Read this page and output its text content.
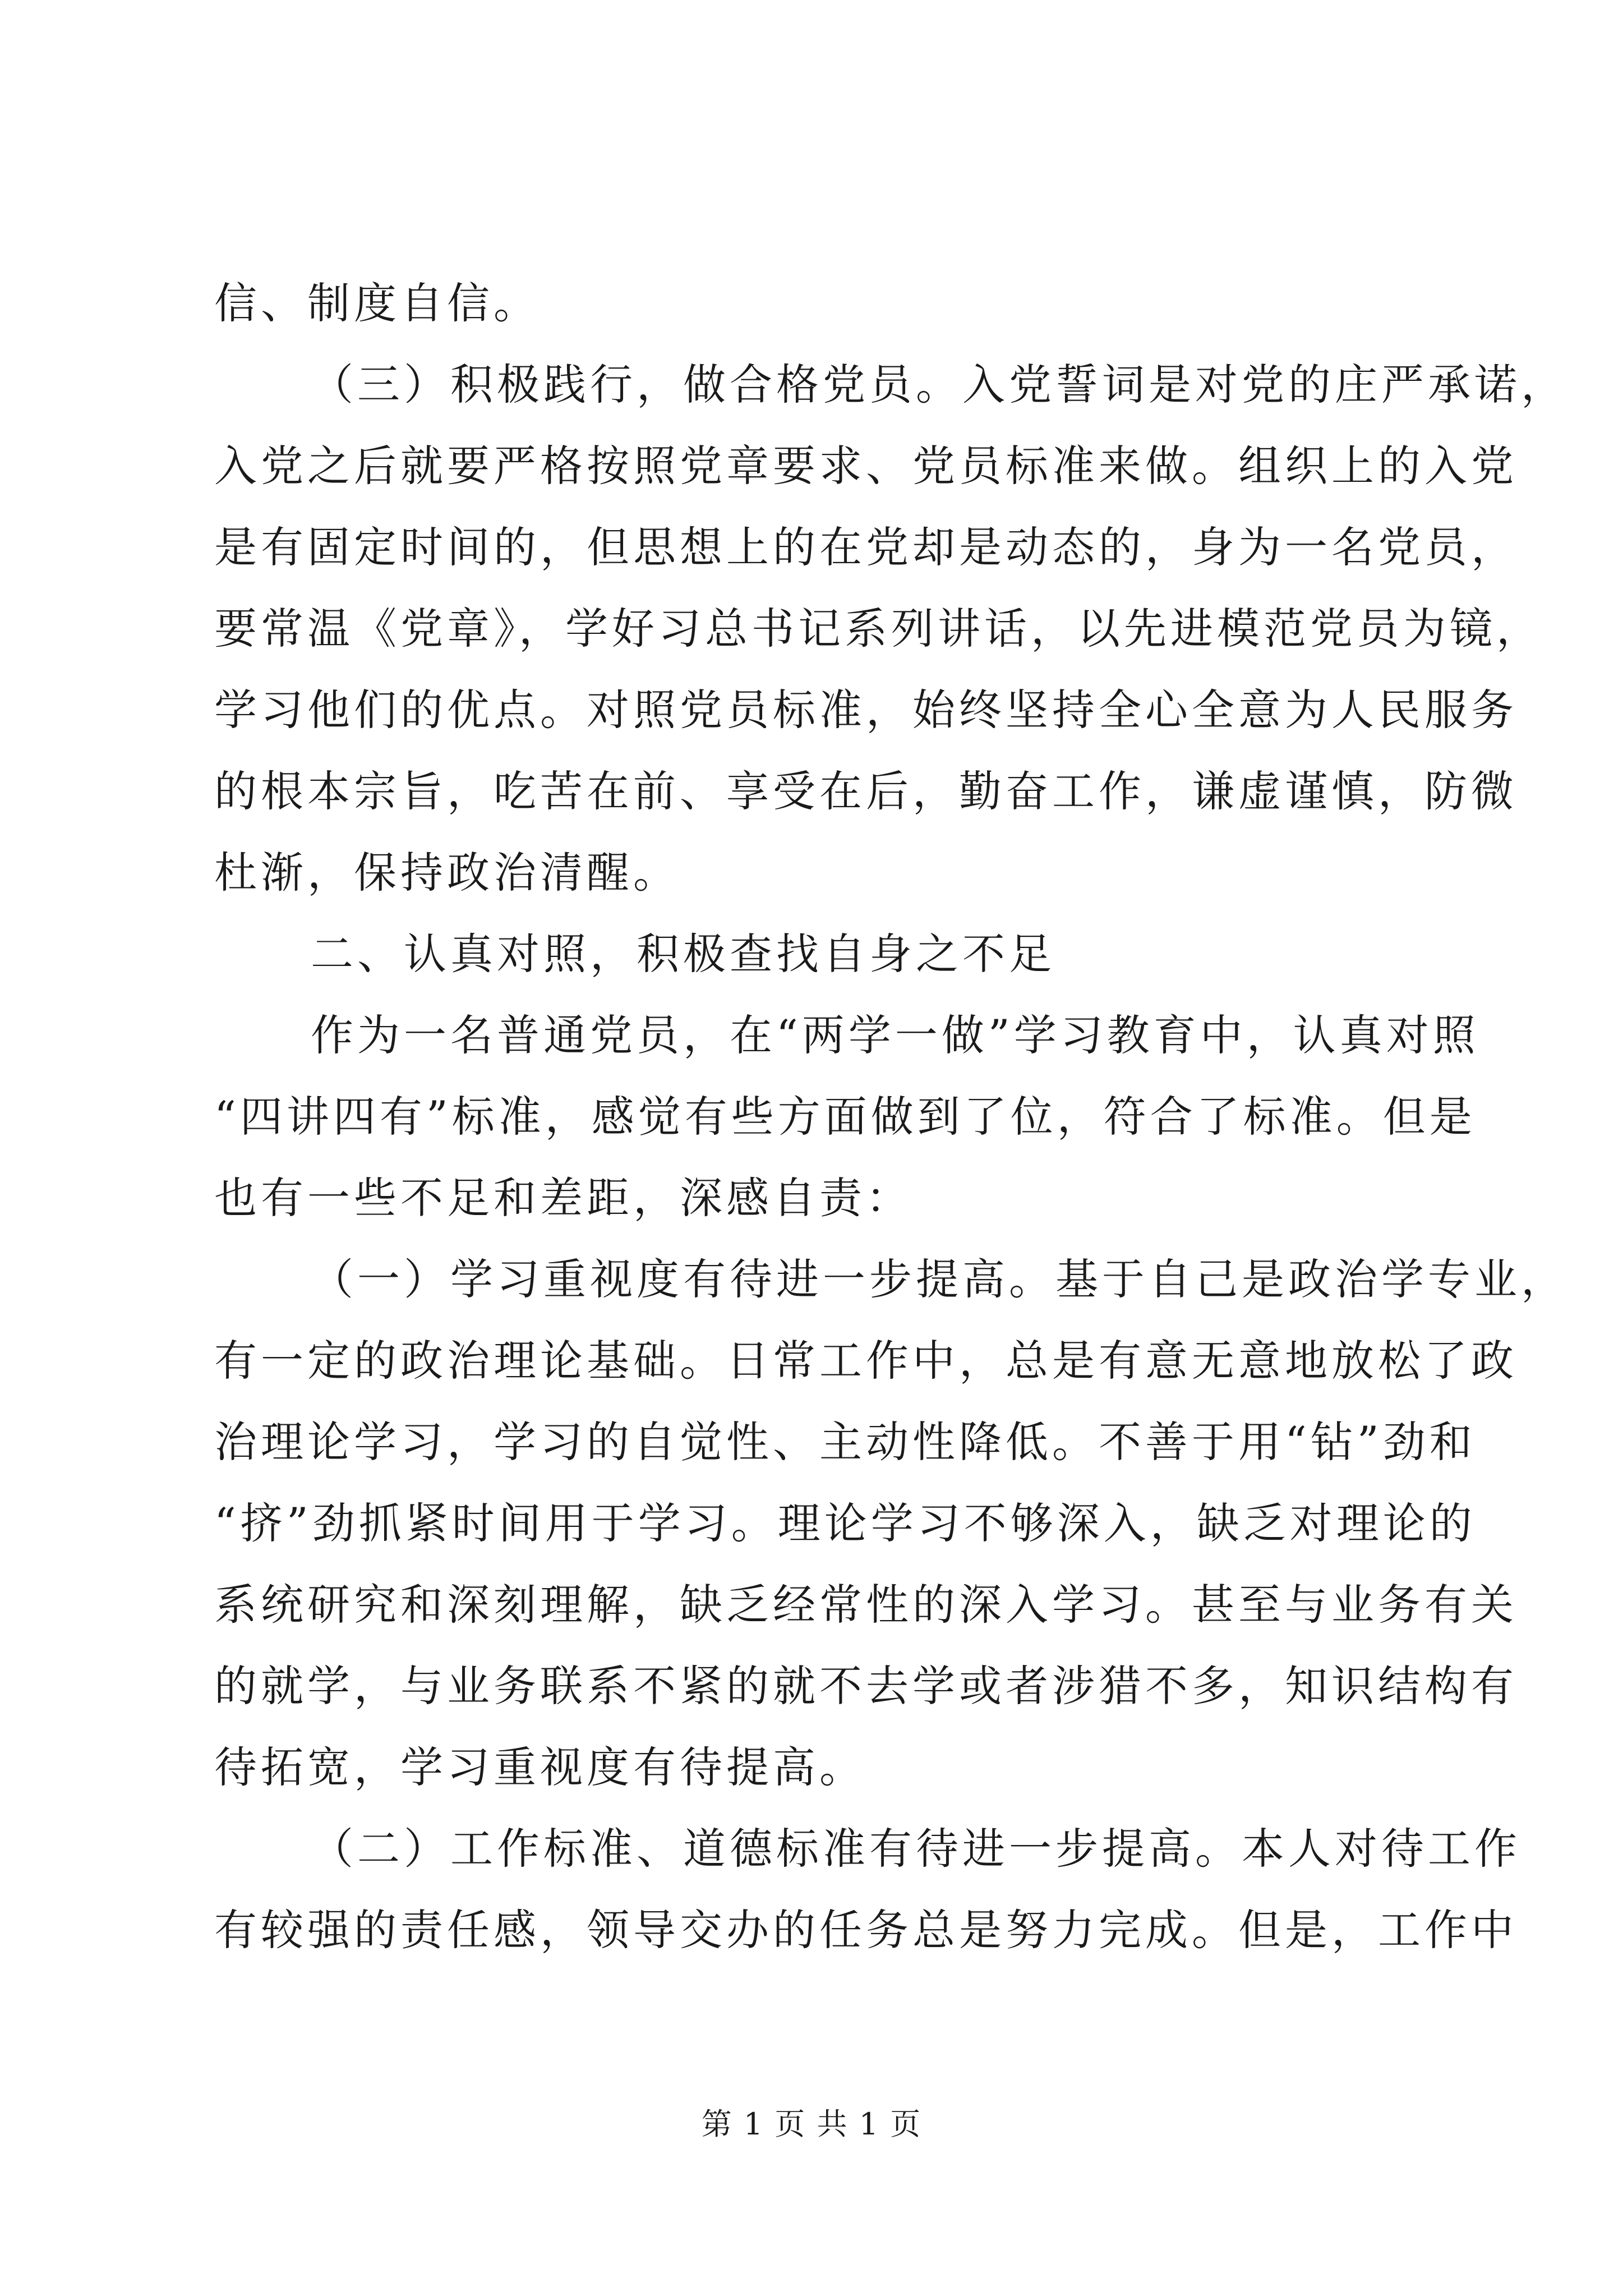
信、制度自信。
（三）积极践行，做合格党员。入党誓词是对党的庄严承诺，
入党之后就要严格按照党章要求、党员标准来做。组织上的入党
是有固定时间的，但思想上的在党却是动态的，身为一名党员，
要常温《党章》，学好习总书记系列讲话，以先进模范党员为镜，
学习他们的优点。对照党员标准，始终坚持全心全意为人民服务
的根本宗旨，吃苦在前、享受在后，勤奋工作，谦虚谨慎，防微
杜渐，保持政治清醒。
二、认真对照，积极查找自身之不足
作为一名普通党员，在“两学一做”学习教育中，认真对照
“四讲四有”标准，感觉有些方面做到了位，符合了标准。但是
也有一些不足和差距，深感自责：
（一）学习重视度有待进一步提高。基于自己是政治学专业，
有一定的政治理论基础。日常工作中，总是有意无意地放松了政
治理论学习，学习的自觉性、主动性降低。不善于用“钻”劲和
“挤”劲抓紧时间用于学习。理论学习不够深入，缺乏对理论的
系统研究和深刻理解，缺乏经常性的深入学习。甚至与业务有关
的就学，与业务联系不紧的就不去学或者涉猎不多，知识结构有
待拓宽，学习重视度有待提高。
（二）工作标准、道德标准有待进一步提高。本人对待工作
有较强的责任感，领导交办的任务总是努力完成。但是，工作中
第 1 页 共 1 页
